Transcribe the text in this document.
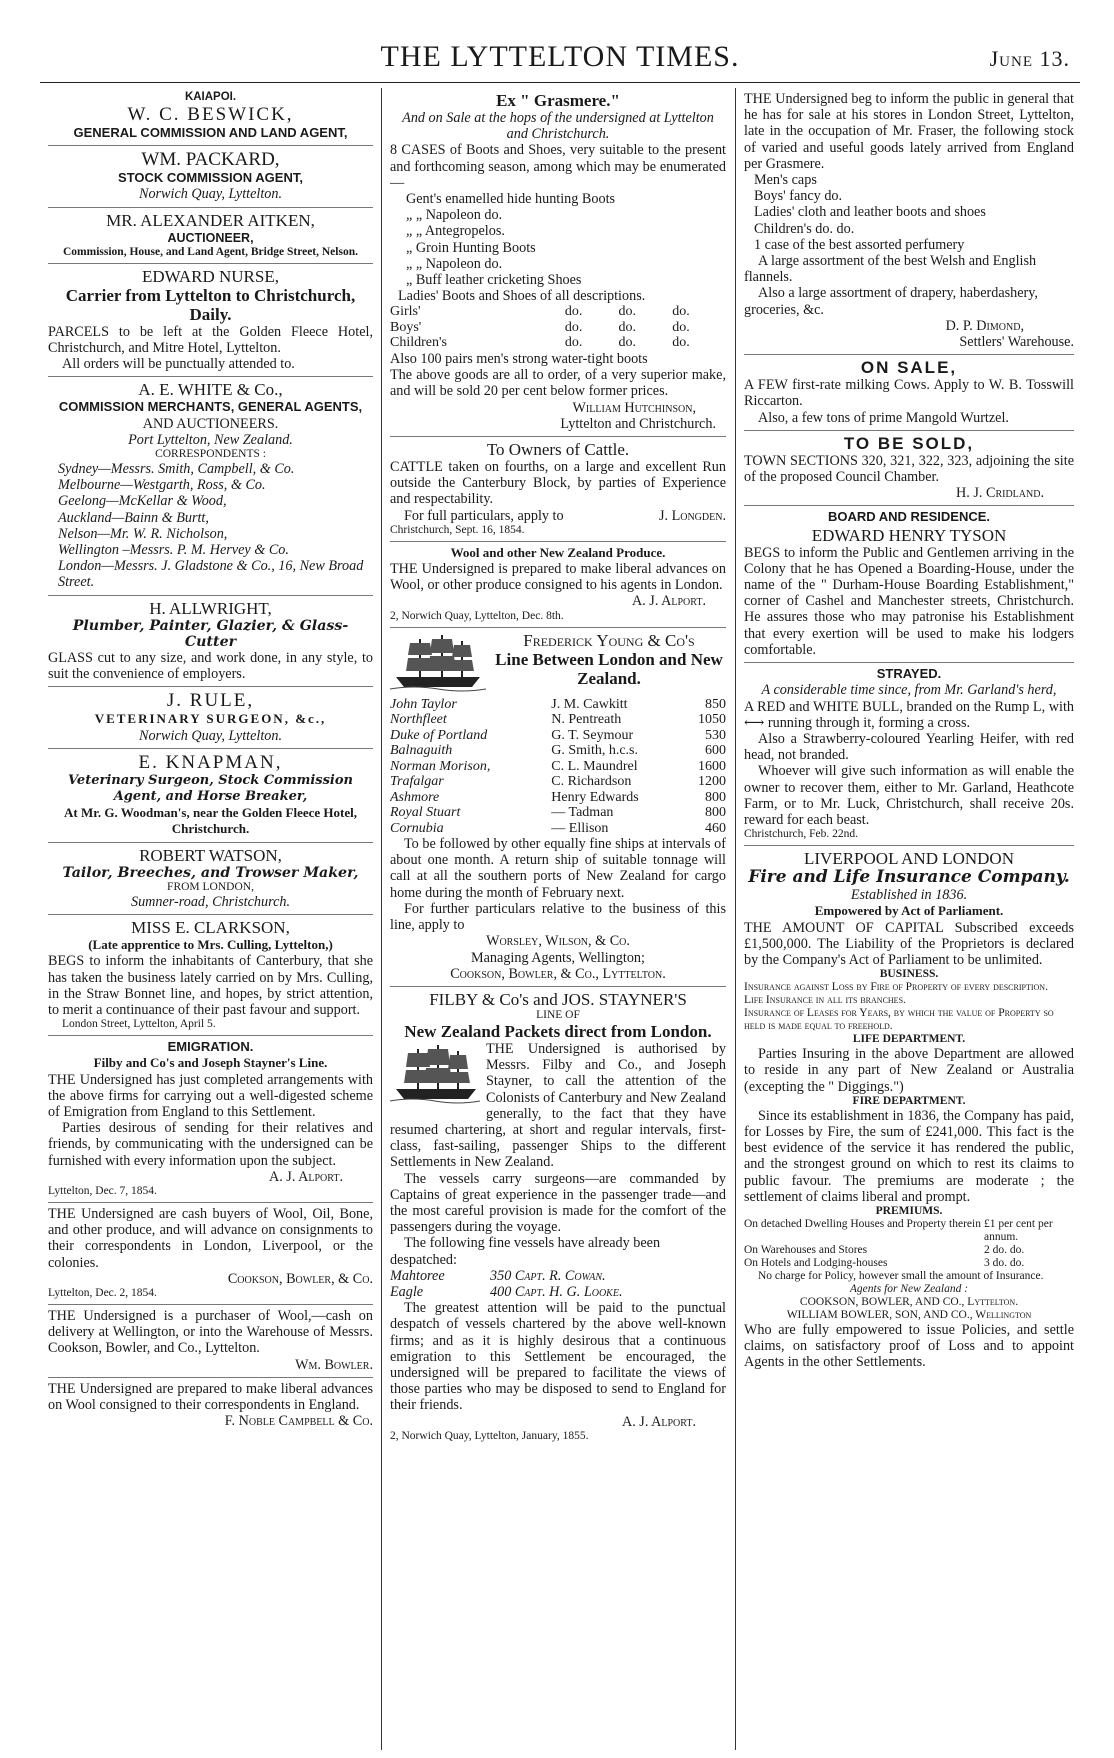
THE LYTTELTON TIMES.	June 13.
KAIAPOI.
W. C. BESWICK,
GENERAL COMMISSION AND LAND AGENT,
WM. PACKARD,
STOCK COMMISSION AGENT,
Norwich Quay, Lyttelton.
MR. ALEXANDER AITKEN,
AUCTIONEER,
Commission, House, and Land Agent, Bridge Street, Nelson.
EDWARD NURSE,
Carrier from Lyttelton to Christchurch, Daily.
PARCELS to be left at the Golden Fleece Hotel, Christchurch, and Mitre Hotel, Lyttelton.
All orders will be punctually attended to.
A. E. WHITE & Co.,
COMMISSION MERCHANTS, GENERAL AGENTS,
AND AUCTIONEERS.
Port Lyttelton, New Zealand.
CORRESPONDENTS :
Sydney—Messrs. Smith, Campbell, & Co.
Melbourne—Westgarth, Ross, & Co.
Geelong—McKellar & Wood,
Auckland—Bainn & Burtt,
Nelson—Mr. W. R. Nicholson,
Wellington –Messrs. P. M. Hervey & Co.
London—Messrs. J. Gladstone & Co., 16, New Broad Street.
H. ALLWRIGHT,
Plumber, Painter, Glazier, & Glass-Cutter
GLASS cut to any size, and work done, in any style, to suit the convenience of employers.
J. RULE,
VETERINARY SURGEON, &c.,
Norwich Quay, Lyttelton.
E. KNAPMAN,
Veterinary Surgeon, Stock Commission Agent, and Horse Breaker,
At Mr. G. Woodman's, near the Golden Fleece Hotel, Christchurch.
ROBERT WATSON,
Tailor, Breeches, and Trowser Maker,
FROM LONDON,
Sumner-road, Christchurch.
MISS E. CLARKSON,
(Late apprentice to Mrs. Culling, Lyttelton,)
BEGS to inform the inhabitants of Canterbury, that she has taken the business lately carried on by Mrs. Culling, in the Straw Bonnet line, and hopes, by strict attention, to merit a continuance of their past favour and support.
London Street, Lyttelton, April 5.
EMIGRATION.
Filby and Co's and Joseph Stayner's Line.
THE Undersigned has just completed arrangements with the above firms for carrying out a well-digested scheme of Emigration from England to this Settlement.
Parties desirous of sending for their relatives and friends, by communicating with the undersigned can be furnished with every information upon the subject.
A. J. Alport.
Lyttelton, Dec. 7, 1854.
THE Undersigned are cash buyers of Wool, Oil, Bone, and other produce, and will advance on consignments to their correspondents in London, Liverpool, or the colonies.
Cookson, Bowler, & Co.
Lyttelton, Dec. 2, 1854.
THE Undersigned is a purchaser of Wool,—cash on delivery at Wellington, or into the Warehouse of Messrs. Cookson, Bowler, and Co., Lyttelton.
Wm. Bowler.
THE Undersigned are prepared to make liberal advances on Wool consigned to their correspondents in England.
F. Noble Campbell & Co.
Ex " Grasmere."
And on Sale at the hops of the undersigned at Lyttelton and Christchurch.
8 CASES of Boots and Shoes, very suitable to the present and forthcoming season, among which may be enumerated—
Gent's enamelled hide hunting Boots
„ „ Napoleon do.
„ „ Antegropelos.
„ Groin Hunting Boots
„ „ Napoleon do.
„ Buff leather cricketing Shoes
Ladies' Boots and Shoes of all descriptions.
Girls'	do.	do.	do.
Boys'	do.	do.	do.
Children's	do.	do.	do.
Also 100 pairs men's strong water-tight boots
The above goods are all to order, of a very superior make, and will be sold 20 per cent below former prices.
William Hutchinson,
Lyttelton and Christchurch.
To Owners of Cattle.
CATTLE taken on fourths, on a large and excellent Run outside the Canterbury Block, by parties of Experience and respectability.
For full particulars, apply to	J. Longden.
Christchurch, Sept. 16, 1854.
Wool and other New Zealand Produce.
THE Undersigned is prepared to make liberal advances on Wool, or other produce consigned to his agents in London.
A. J. Alport.
2, Norwich Quay, Lyttelton, Dec. 8th.
Frederick Young & Co's
Line Between London and New Zealand.
John Taylor	J. M. Cawkitt	850
Northfleet	N. Pentreath	1050
Duke of Portland	G. T. Seymour	530
Balnaguith	G. Smith, h.c.s.	600
Norman Morison,	C. L. Maundrel	1600
Trafalgar	C. Richardson	1200
Ashmore	Henry Edwards	800
Royal Stuart	— Tadman	800
Cornubia	— Ellison	460
To be followed by other equally fine ships at intervals of about one month. A return ship of suitable tonnage will call at all the southern ports of New Zealand for cargo home during the month of February next.
For further particulars relative to the business of this line, apply to
Worsley, Wilson, & Co.
Managing Agents, Wellington;
Cookson, Bowler, & Co., Lyttelton.
FILBY & Co's and JOS. STAYNER'S
LINE OF
New Zealand Packets direct from London.
THE Undersigned is authorised by Messrs. Filby and Co., and Joseph Stayner, to call the attention of the Colonists of Canterbury and New Zealand generally, to the fact that they have resumed chartering, at short and regular intervals, first-class, fast-sailing, passenger Ships to the different Settlements in New Zealand.
The vessels carry surgeons—are commanded by Captains of great experience in the passenger trade—and the most careful provision is made for the comfort of the passengers during the voyage.
The following fine vessels have already been despatched:
Mahtoree	350 Capt. R. Cowan.
Eagle	400 Capt. H. G. Looke.
The greatest attention will be paid to the punctual despatch of vessels chartered by the above well-known firms; and as it is highly desirous that a continuous emigration to this Settlement be encouraged, the undersigned will be prepared to facilitate the views of those parties who may be disposed to send to England for their friends.
A. J. Alport.
2, Norwich Quay, Lyttelton, January, 1855.
THE Undersigned beg to inform the public in general that he has for sale at his stores in London Street, Lyttelton, late in the occupation of Mr. Fraser, the following stock of varied and useful goods lately arrived from England per Grasmere.
Men's caps
Boys' fancy do.
Ladies' cloth and leather boots and shoes
Children's do. do.
1 case of the best assorted perfumery
A large assortment of the best Welsh and English flannels.
Also a large assortment of drapery, haberdashery, groceries, &c.
D. P. Dimond,
Settlers' Warehouse.
ON SALE,
A FEW first-rate milking Cows. Apply to W. B. Tosswill Riccarton.
Also, a few tons of prime Mangold Wurtzel.
TO BE SOLD,
TOWN SECTIONS 320, 321, 322, 323, adjoining the site of the proposed Council Chamber.
H. J. Cridland.
BOARD AND RESIDENCE.
EDWARD HENRY TYSON
BEGS to inform the Public and Gentlemen arriving in the Colony that he has Opened a Boarding-House, under the name of the " Durham-House Boarding Establishment," corner of Cashel and Manchester streets, Christchurch. He assures those who may patronise his Establishment that every exertion will be used to make his lodgers comfortable.
STRAYED.
A considerable time since, from Mr. Garland's herd,
A RED and WHITE BULL, branded on the Rump L, with ⟷ running through it, forming a cross.
Also a Strawberry-coloured Yearling Heifer, with red head, not branded.
Whoever will give such information as will enable the owner to recover them, either to Mr. Garland, Heathcote Farm, or to Mr. Luck, Christchurch, shall receive 20s. reward for each beast.
Christchurch, Feb. 22nd.
LIVERPOOL AND LONDON
Fire and Life Insurance Company.
Established in 1836.
Empowered by Act of Parliament.
THE AMOUNT OF CAPITAL Subscribed exceeds £1,500,000. The Liability of the Proprietors is declared by the Company's Act of Parliament to be unlimited.
BUSINESS.
Insurance against Loss by Fire of Property of every description.
Life Insurance in all its branches.
Insurance of Leases for Years, by which the value of Property so held is made equal to freehold.
LIFE DEPARTMENT.
Parties Insuring in the above Department are allowed to reside in any part of New Zealand or Australia (excepting the " Diggings.")
FIRE DEPARTMENT.
Since its establishment in 1836, the Company has paid, for Losses by Fire, the sum of £241,000. This fact is the best evidence of the service it has rendered the public, and the strongest ground on which to rest its claims to public favour. The premiums are moderate ; the settlement of claims liberal and prompt.
PREMIUMS.
On detached Dwelling Houses and Property therein £1 per cent per annum.
On Warehouses and Stores	2 do. do.
On Hotels and Lodging-houses	3 do. do.
No charge for Policy, however small the amount of Insurance.
Agents for New Zealand :
COOKSON, BOWLER, AND CO., Lyttelton.
WILLIAM BOWLER, SON, AND CO., Wellington
Who are fully empowered to issue Policies, and settle claims, on satisfactory proof of Loss and to appoint Agents in the other Settlements.
